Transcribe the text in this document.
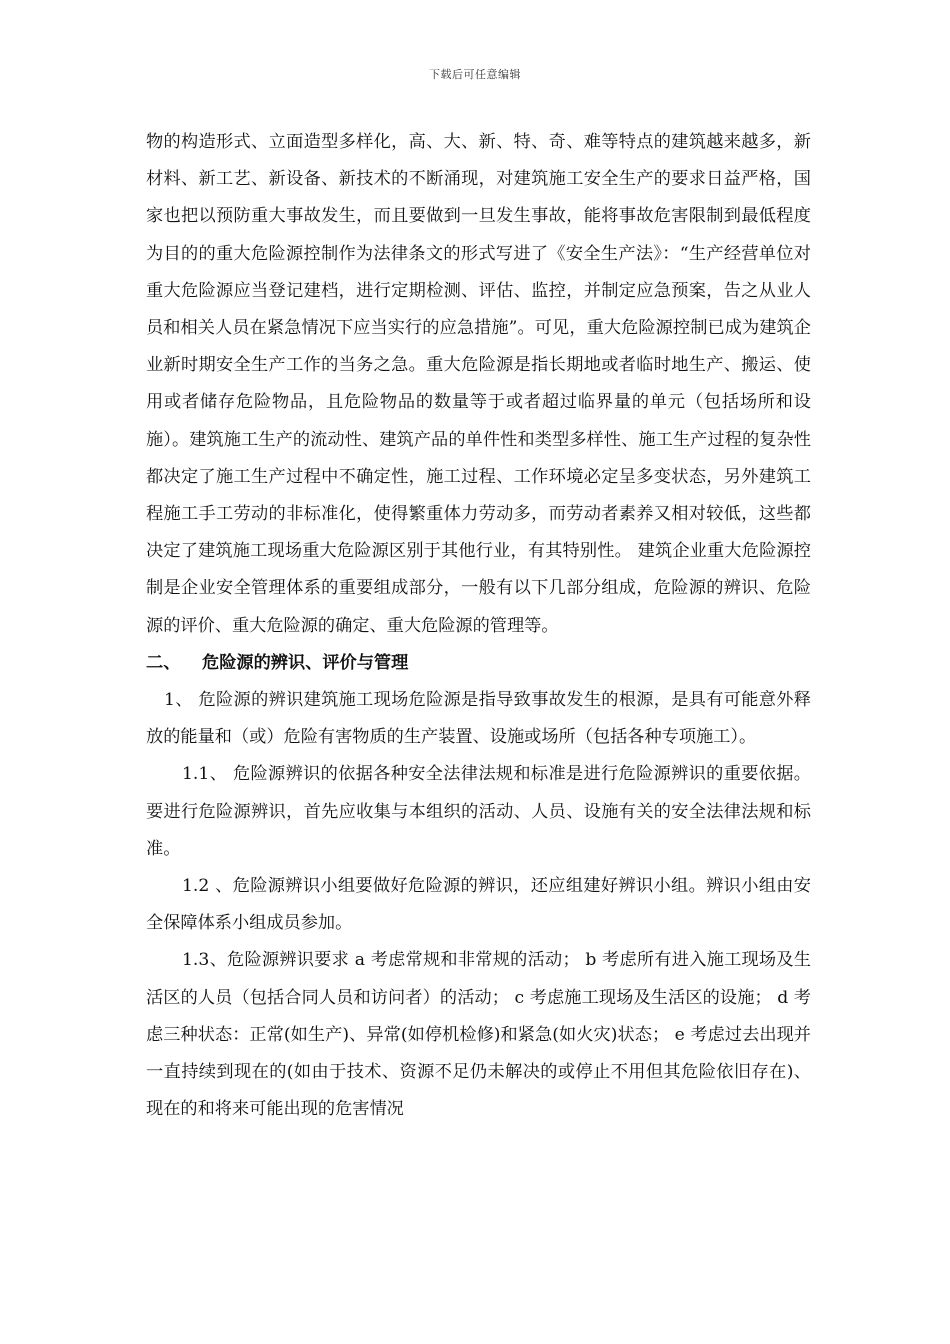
下载后可任意编辑

物的构造形式、立面造型多样化，高、大、新、特、奇、难等特点的建筑越来越多，新材料、新工艺、新设备、新技术的不断涌现，对建筑施工安全生产的要求日益严格，国家也把以预防重大事故发生，而且要做到一旦发生事故，能将事故危害限制到最低程度为目的的重大危险源控制作为法律条文的形式写进了《安全生产法》：“生产经营单位对重大危险源应当登记建档，进行定期检测、评估、监控，并制定应急预案，告之从业人员和相关人员在紧急情况下应当实行的应急措施”。可见，重大危险源控制已成为建筑企业新时期安全生产工作的当务之急。重大危险源是指长期地或者临时地生产、搬运、使用或者储存危险物品，且危险物品的数量等于或者超过临界量的单元（包括场所和设施）。建筑施工生产的流动性、建筑产品的单件性和类型多样性、施工生产过程的复杂性都决定了施工生产过程中不确定性，施工过程、工作环境必定呈多变状态，另外建筑工程施工手工劳动的非标准化，使得繁重体力劳动多，而劳动者素养又相对较低，这些都决定了建筑施工现场重大危险源区别于其他行业，有其特别性。 建筑企业重大危险源控制是企业安全管理体系的重要组成部分，一般有以下几部分组成，危险源的辨识、危险源的评价、重大危险源的确定、重大危险源的管理等。

二、 危险源的辨识、评价与管理

1、 危险源的辨识建筑施工现场危险源是指导致事故发生的根源，是具有可能意外释放的能量和（或）危险有害物质的生产装置、设施或场所（包括各种专项施工）。

1.1、 危险源辨识的依据各种安全法律法规和标准是进行危险源辨识的重要依据。要进行危险源辨识，首先应收集与本组织的活动、人员、设施有关的安全法律法规和标准。

1.2 、危险源辨识小组要做好危险源的辨识，还应组建好辨识小组。辨识小组由安全保障体系小组成员参加。

1.3、危险源辨识要求 a 考虑常规和非常规的活动； b 考虑所有进入施工现场及生活区的人员（包括合同人员和访问者）的活动； c 考虑施工现场及生活区的设施； d 考虑三种状态：正常(如生产)、异常(如停机检修)和紧急(如火灾)状态； e 考虑过去出现并一直持续到现在的(如由于技术、资源不足仍未解决的或停止不用但其危险依旧存在)、现在的和将来可能出现的危害情况
